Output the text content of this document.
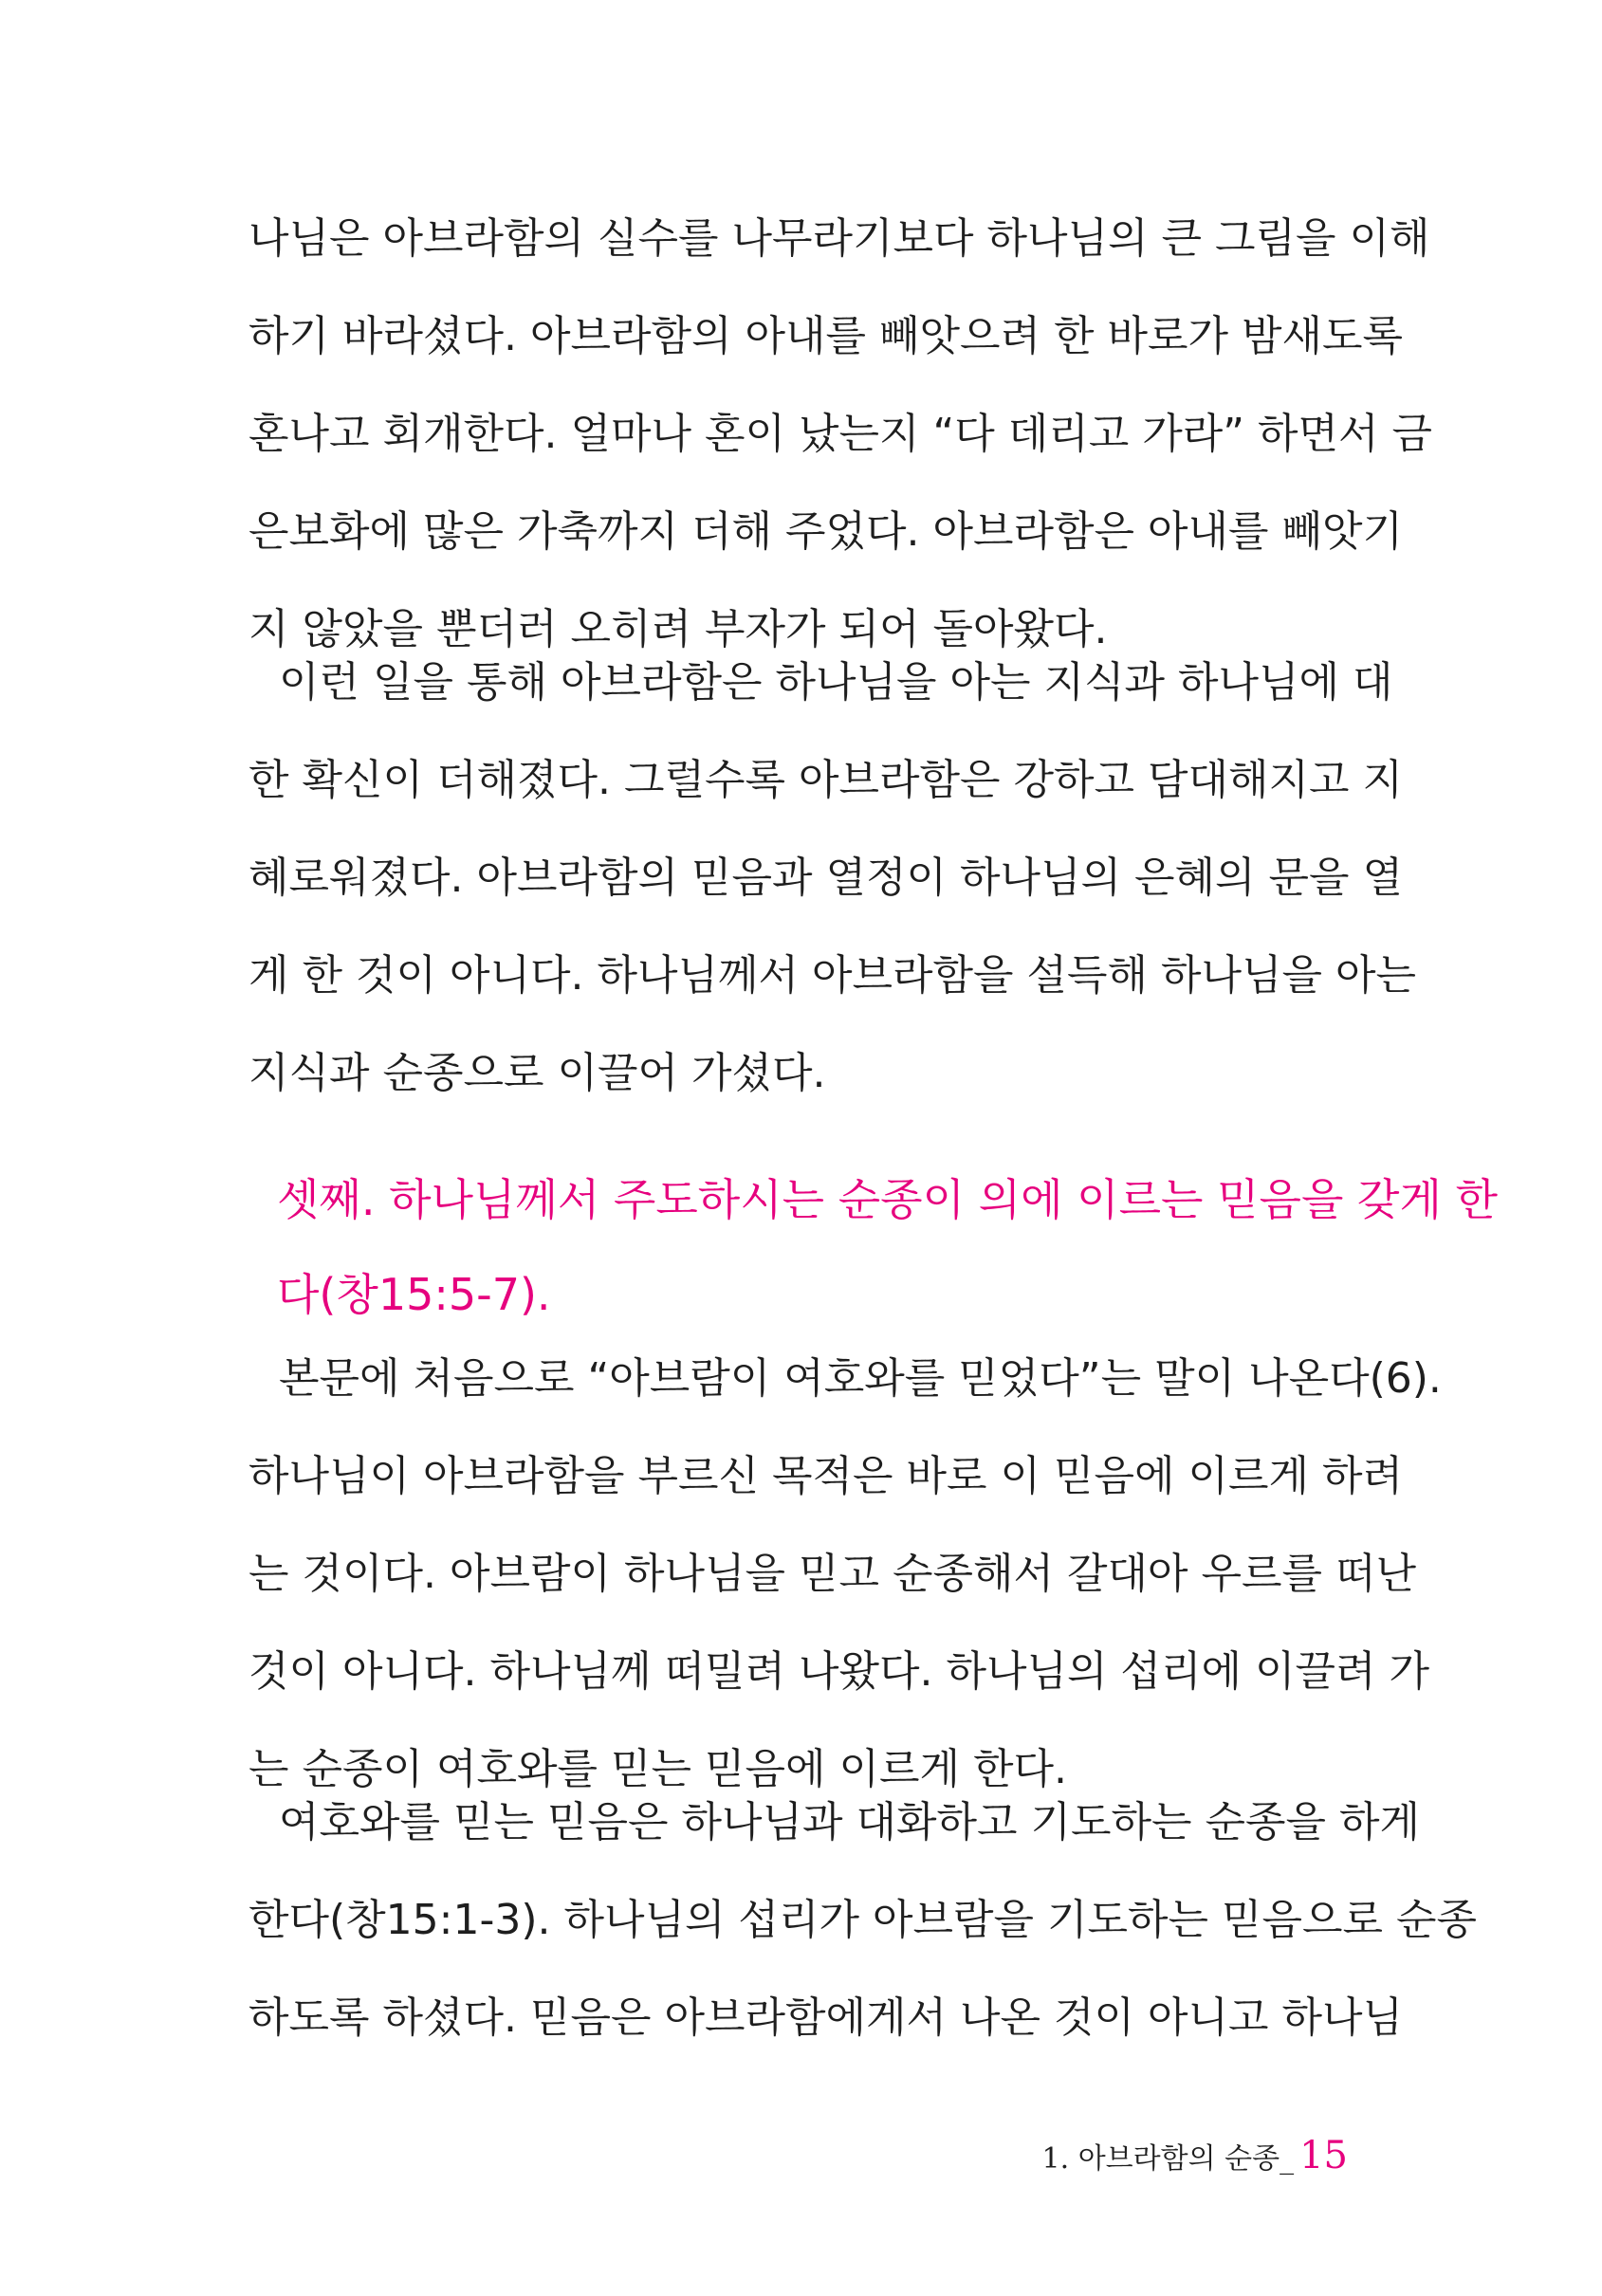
나님은 아브라함의 실수를 나무라기보다 하나님의 큰 그림을 이해
하기 바라셨다. 아브라함의 아내를 빼앗으려 한 바로가 밤새도록
혼나고 회개한다. 얼마나 혼이 났는지 “다 데리고 가라” 하면서 금
은보화에 많은 가축까지 더해 주었다. 아브라함은 아내를 빼앗기
지 않았을 뿐더러 오히려 부자가 되어 돌아왔다.
이런 일을 통해 아브라함은 하나님을 아는 지식과 하나님에 대
한 확신이 더해졌다. 그럴수록 아브라함은 강하고 담대해지고 지
혜로워졌다. 아브라함의 믿음과 열정이 하나님의 은혜의 문을 열
게 한 것이 아니다. 하나님께서 아브라함을 설득해 하나님을 아는
지식과 순종으로 이끌어 가셨다.
셋째. 하나님께서 주도하시는 순종이 의에 이르는 믿음을 갖게 한
다(창15:5-7).
본문에 처음으로 “아브람이 여호와를 믿었다”는 말이 나온다(6).
하나님이 아브라함을 부르신 목적은 바로 이 믿음에 이르게 하려
는 것이다. 아브람이 하나님을 믿고 순종해서 갈대아 우르를 떠난
것이 아니다. 하나님께 떠밀려 나왔다. 하나님의 섭리에 이끌려 가
는 순종이 여호와를 믿는 믿음에 이르게 한다.
여호와를 믿는 믿음은 하나님과 대화하고 기도하는 순종을 하게
한다(창15:1-3). 하나님의 섭리가 아브람을 기도하는 믿음으로 순종
하도록 하셨다. 믿음은 아브라함에게서 나온 것이 아니고 하나님
1. 아브라함의 순종_ 15
